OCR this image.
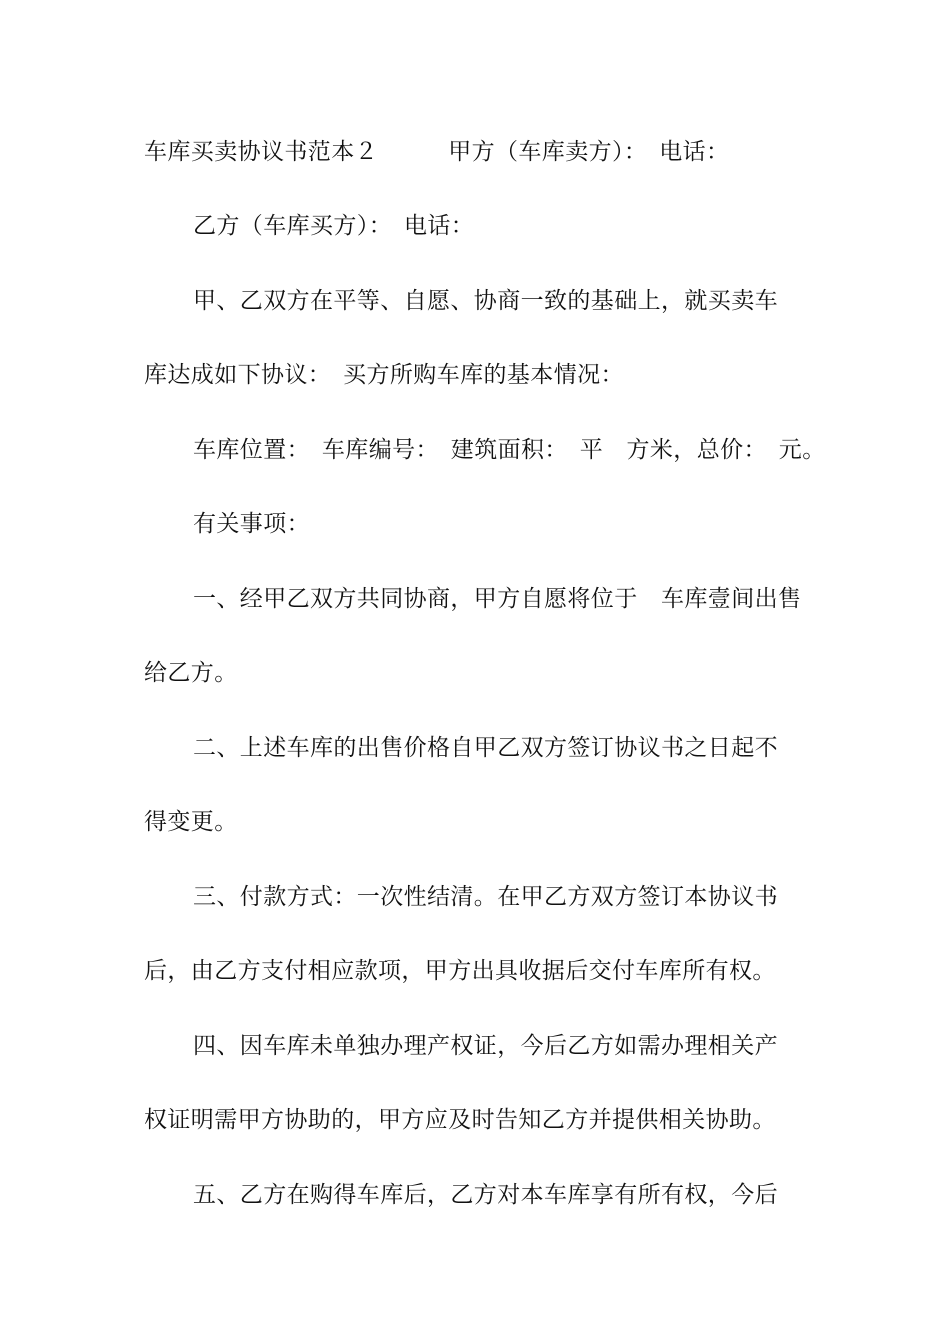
车库买卖协议书范本２　　　甲方（车库卖方）：　电话：
乙方（车库买方）：　电话：
甲、乙双方在平等、自愿、协商一致的基础上，就买卖车
库达成如下协议：　买方所购车库的基本情况：
车库位置：　车库编号：　建筑面积：　平　方米，总价：　元。
有关事项：
一、经甲乙双方共同协商，甲方自愿将位于　车库壹间出售
给乙方。
二、上述车库的出售价格自甲乙双方签订协议书之日起不
得变更。
三、付款方式：一次性结清。在甲乙方双方签订本协议书
后，由乙方支付相应款项，甲方出具收据后交付车库所有权。
四、因车库未单独办理产权证，今后乙方如需办理相关产
权证明需甲方协助的，甲方应及时告知乙方并提供相关协助。
五、乙方在购得车库后，乙方对本车库享有所有权，今后
